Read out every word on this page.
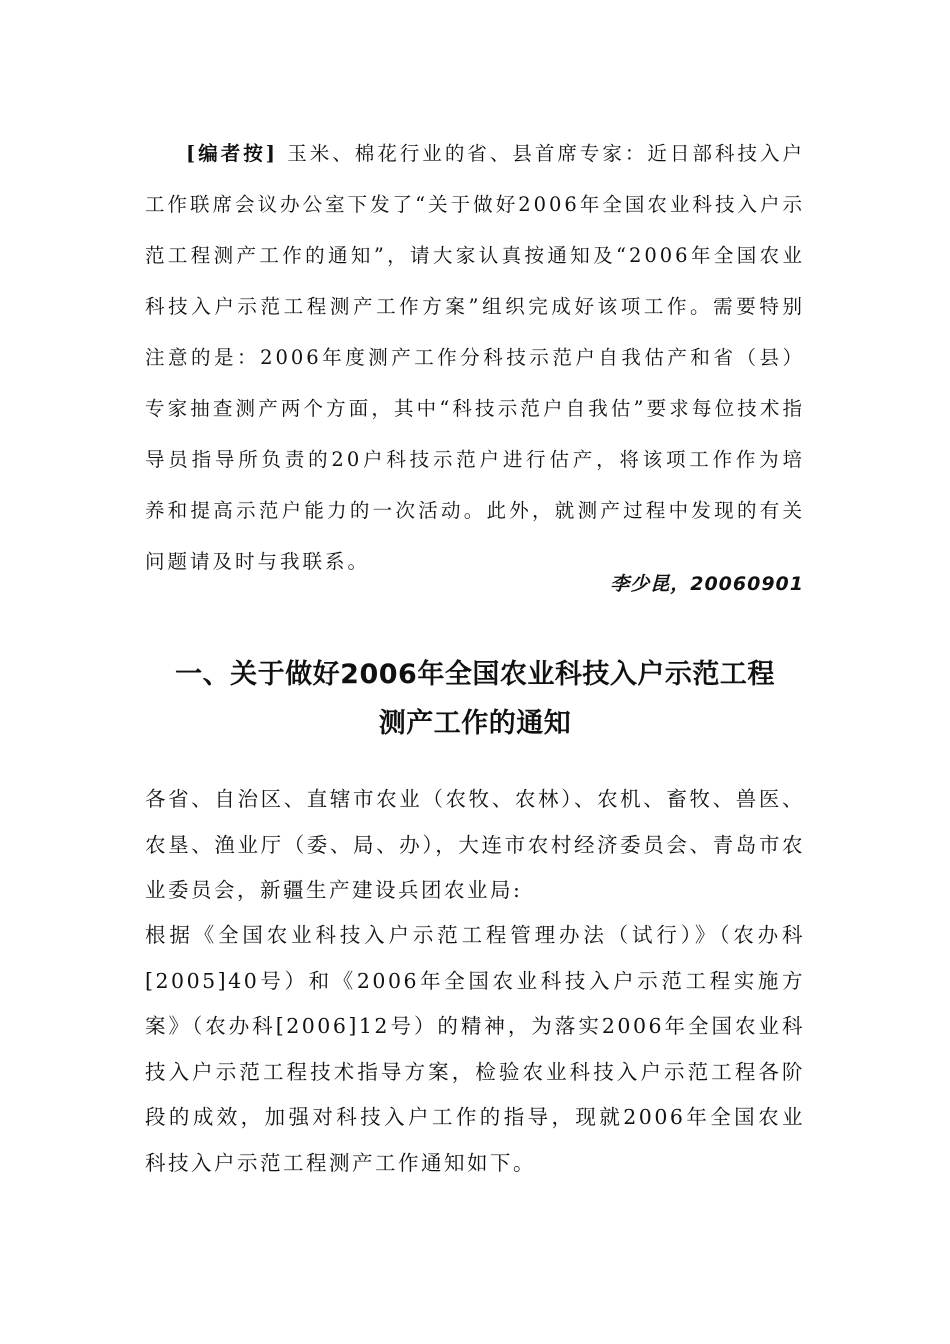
[编者按] 玉米、棉花行业的省、县首席专家：近日部科技入户工作联席会议办公室下发了“关于做好2006年全国农业科技入户示范工程测产工作的通知”，请大家认真按通知及“2006年全国农业科技入户示范工程测产工作方案”组织完成好该项工作。需要特别注意的是：2006年度测产工作分科技示范户自我估产和省（县）专家抽查测产两个方面，其中“科技示范户自我估”要求每位技术指导员指导所负责的20户科技示范户进行估产，将该项工作作为培养和提高示范户能力的一次活动。此外，就测产过程中发现的有关问题请及时与我联系。

李少昆，20060901
一、关于做好2006年全国农业科技入户示范工程
测产工作的通知

各省、自治区、直辖市农业（农牧、农林）、农机、畜牧、兽医、农垦、渔业厅（委、局、办），大连市农村经济委员会、青岛市农业委员会，新疆生产建设兵团农业局:

根据《全国农业科技入户示范工程管理办法（试行）》（农办科[2005]40号）和《2006年全国农业科技入户示范工程实施方案》（农办科[2006]12号）的精神，为落实2006年全国农业科技入户示范工程技术指导方案，检验农业科技入户示范工程各阶段的成效，加强对科技入户工作的指导，现就2006年全国农业科技入户示范工程测产工作通知如下。
